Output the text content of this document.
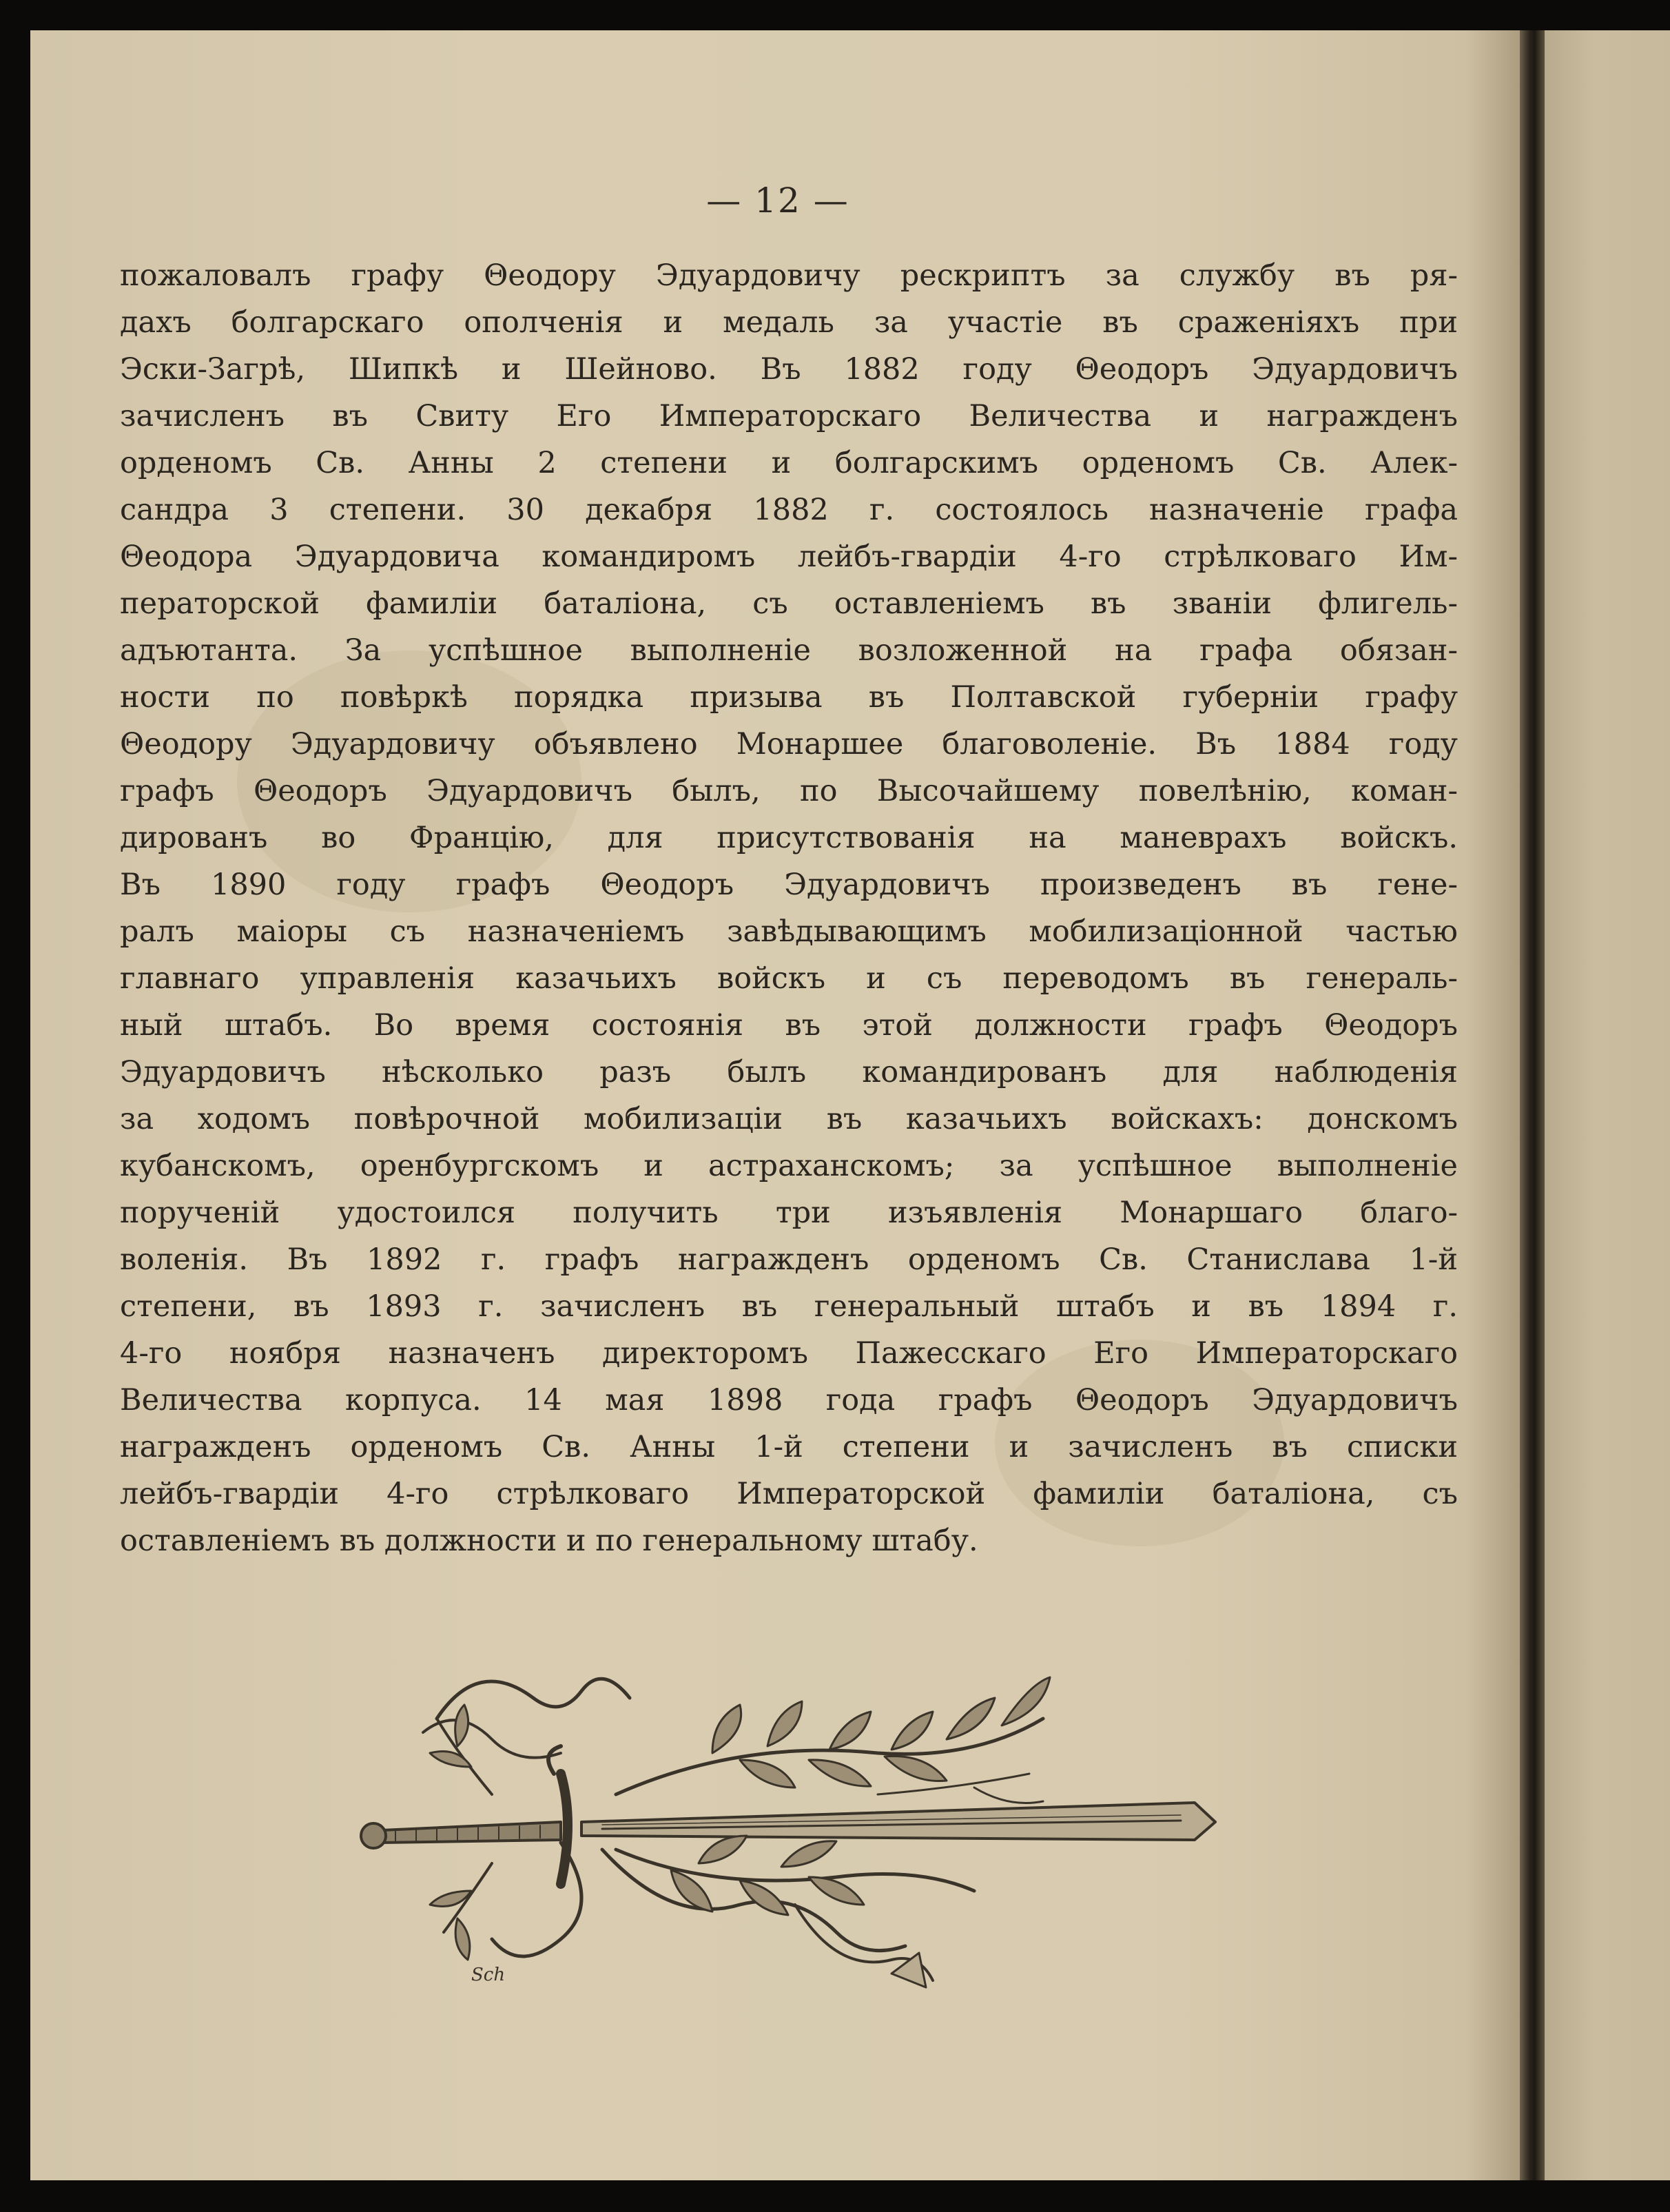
— 12 —
пожаловалъ графу Θеодору Эдуардовичу рескриптъ за службу въ ря-
дахъ болгарскаго ополченія и медаль за участіе въ сраженіяхъ при
Эски-Загрѣ, Шипкѣ и Шейново. Въ 1882 году Θеодоръ Эдуардовичъ
зачисленъ въ Свиту Его Императорскаго Величества и награжденъ
орденомъ Св. Анны 2 степени и болгарскимъ орденомъ Св. Алек-
сандра 3 степени. 30 декабря 1882 г. состоялось назначеніе графа
Θеодора Эдуардовича командиромъ лейбъ-гвардіи 4-го стрѣлковаго Им-
ператорской фамиліи баталіона, съ оставленіемъ въ званіи флигель-
адъютанта. За успѣшное выполненіе возложенной на графа обязан-
ности по повѣркѣ порядка призыва въ Полтавской губерніи графу
Θеодору Эдуардовичу объявлено Монаршее благоволеніе. Въ 1884 году
графъ Θеодоръ Эдуардовичъ былъ, по Высочайшему повелѣнію, коман-
дированъ во Францію, для присутствованія на маневрахъ войскъ.
Въ 1890 году графъ Θеодоръ Эдуардовичъ произведенъ въ гене-
ралъ маіоры съ назначеніемъ завѣдывающимъ мобилизаціонной частью
главнаго управленія казачьихъ войскъ и съ переводомъ въ генераль-
ный штабъ. Во время состоянія въ этой должности графъ Θеодоръ
Эдуардовичъ нѣсколько разъ былъ командированъ для наблюденія
за ходомъ повѣрочной мобилизаціи въ казачьихъ войскахъ: донскомъ
кубанскомъ, оренбургскомъ и астраханскомъ; за успѣшное выполненіе
порученій удостоился получить три изъявленія Монаршаго благо-
воленія. Въ 1892 г. графъ награжденъ орденомъ Св. Станислава 1-й
степени, въ 1893 г. зачисленъ въ генеральный штабъ и въ 1894 г.
4-го ноября назначенъ директоромъ Пажесскаго Его Императорскаго
Величества корпуса. 14 мая 1898 года графъ Θеодоръ Эдуардовичъ
награжденъ орденомъ Св. Анны 1-й степени и зачисленъ въ списки
лейбъ-гвардіи 4-го стрѣлковаго Императорской фамиліи баталіона, съ
оставленіемъ въ должности и по генеральному штабу.
Sch
